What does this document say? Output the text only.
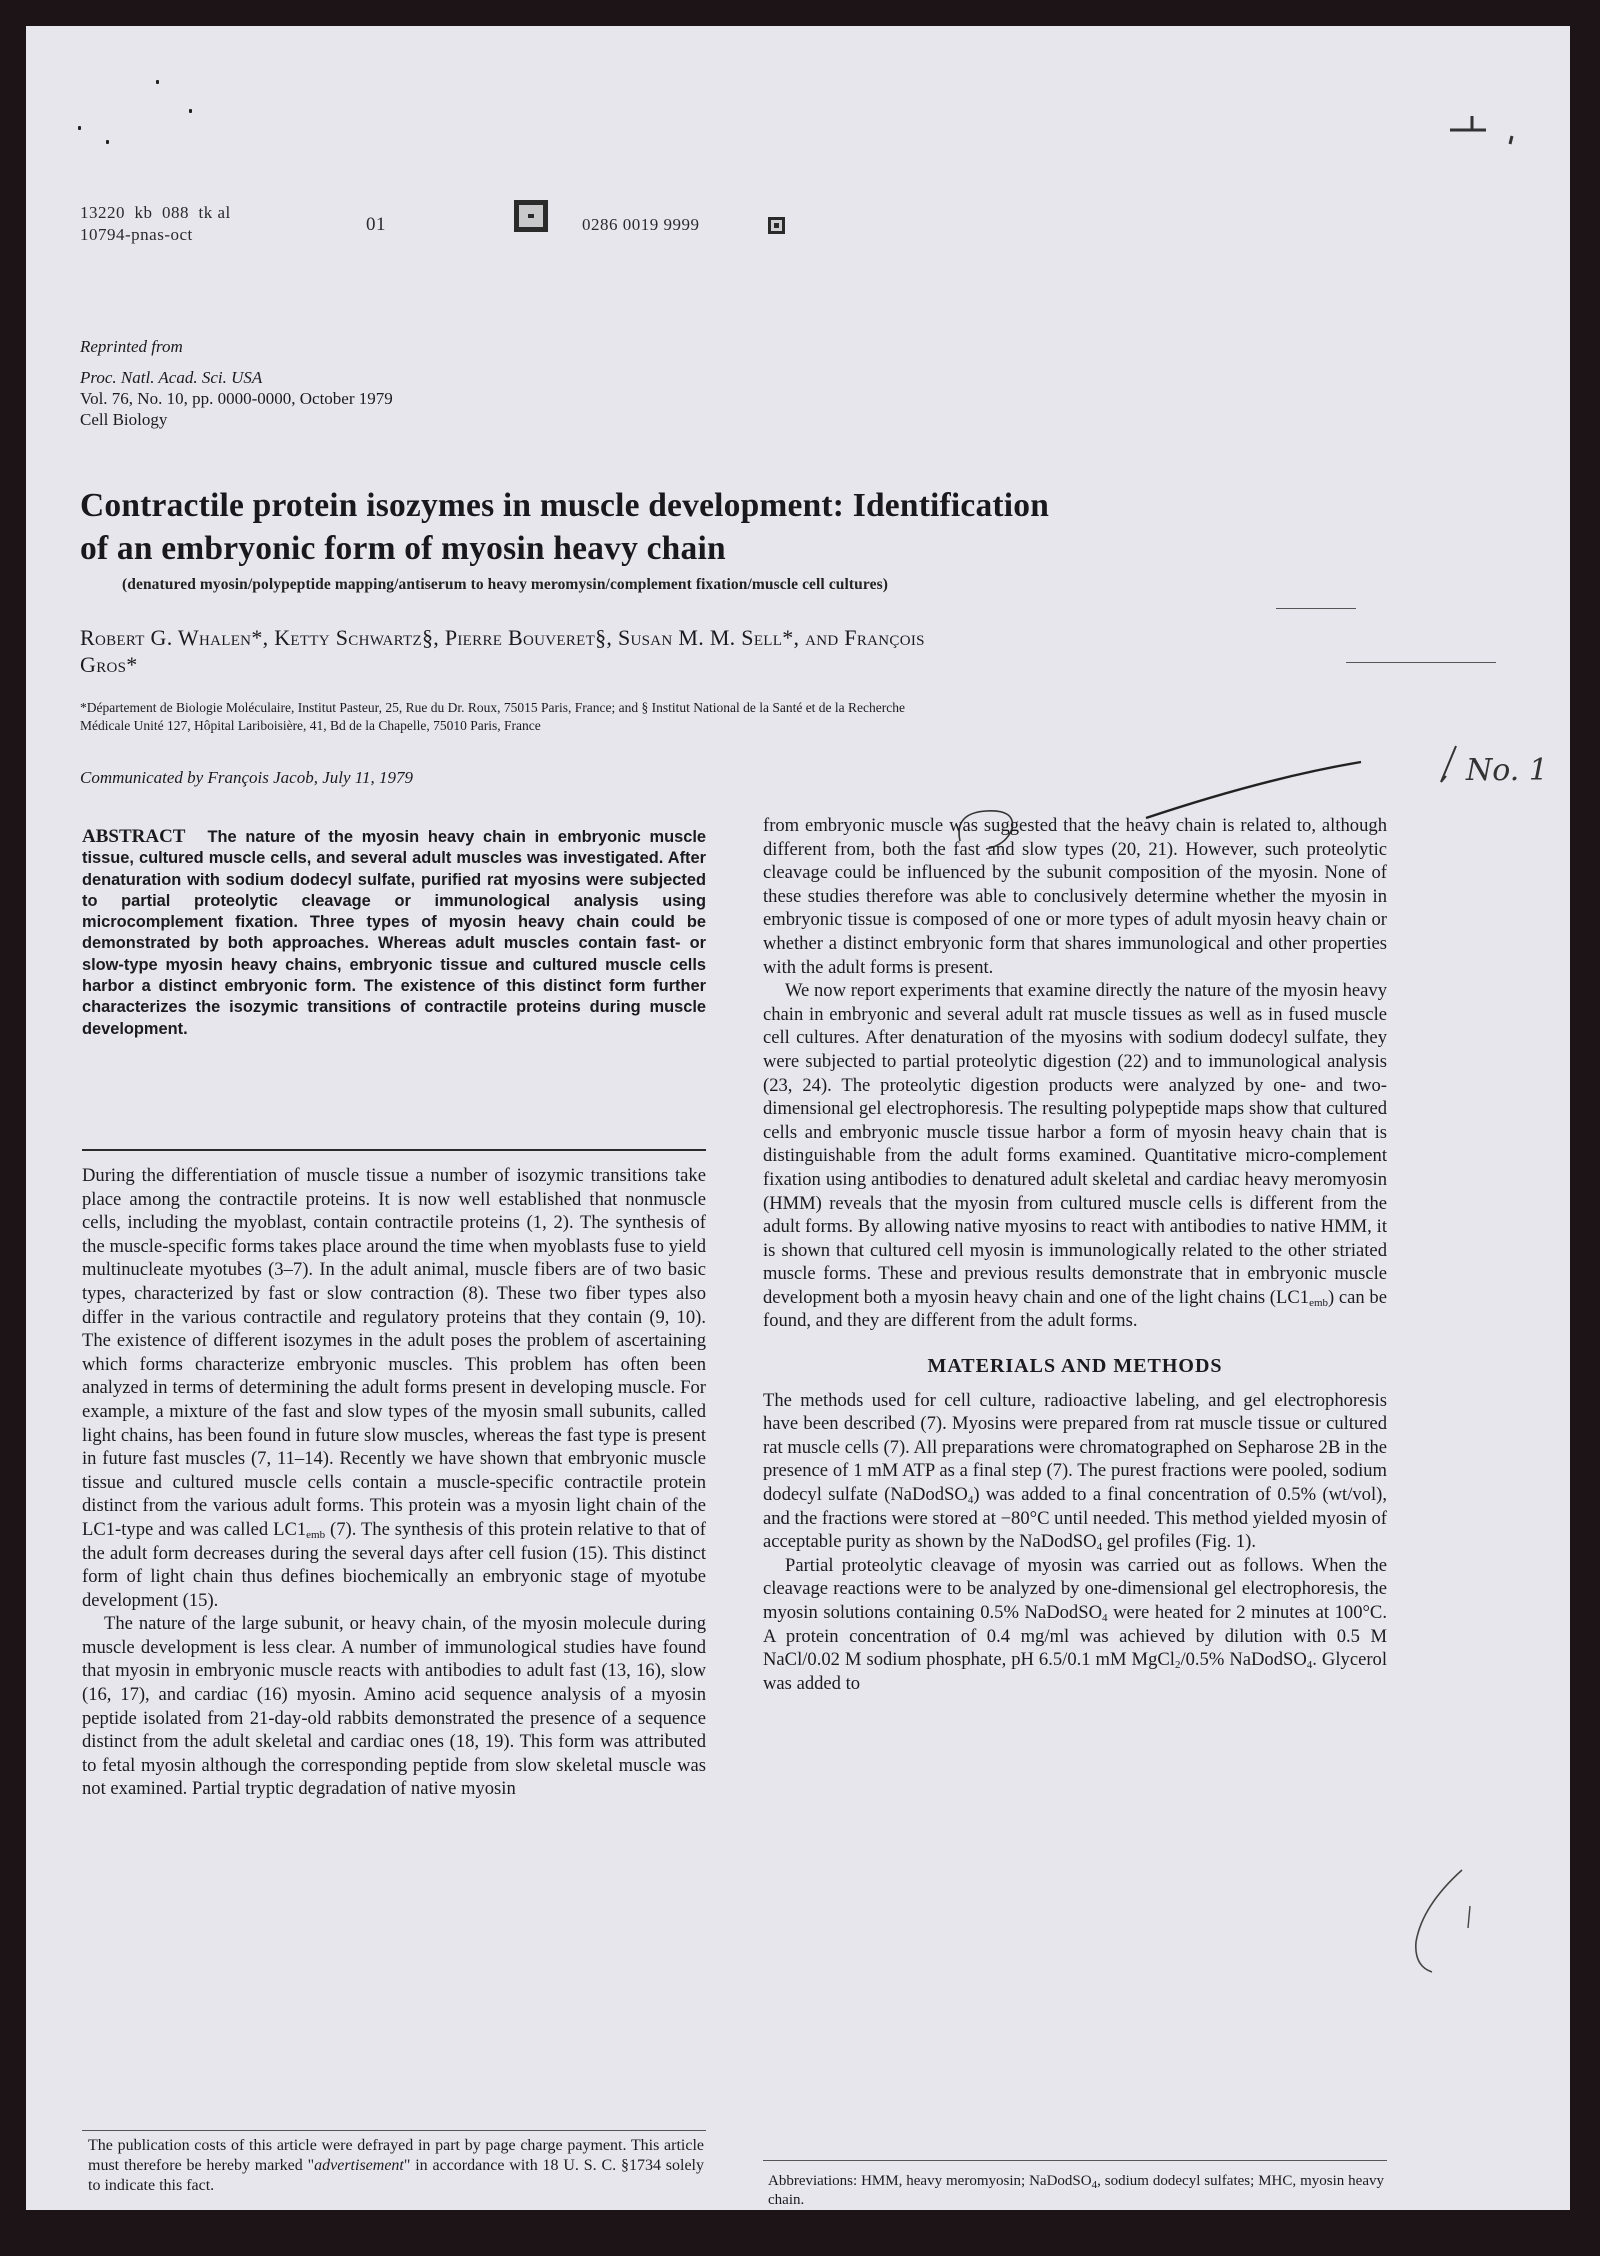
13220  kb  088  tk al
10794-pnas-oct	01	0286 0019 9999
Reprinted from
Proc. Natl. Acad. Sci. USA
Vol. 76, No. 10, pp. 0000-0000, October 1979
Cell Biology
Contractile protein isozymes in muscle development: Identification
of an embryonic form of myosin heavy chain
(denatured myosin/polypeptide mapping/antiserum to heavy meromysin/complement fixation/muscle cell cultures)
Robert G. Whalen*, Ketty Schwartz§, Pierre Bouveret§, Susan M. M. Sell*, and François
Gros*
*Département de Biologie Moléculaire, Institut Pasteur, 25, Rue du Dr. Roux, 75015 Paris, France; and § Institut National de la Santé et de la Recherche
Médicale Unité 127, Hôpital Lariboisière, 41, Bd de la Chapelle, 75010 Paris, France
Communicated by François Jacob, July 11, 1979	No. 1

ABSTRACT The nature of the myosin heavy chain in embryonic muscle tissue, cultured muscle cells, and several adult muscles was investigated. After denaturation with sodium dodecyl sulfate, purified rat myosins were subjected to partial proteolytic cleavage or immunological analysis using microcomplement fixation. Three types of myosin heavy chain could be demonstrated by both approaches. Whereas adult muscles contain fast- or slow-type myosin heavy chains, embryonic tissue and cultured muscle cells harbor a distinct embryonic form. The existence of this distinct form further characterizes the isozymic transitions of contractile proteins during muscle development.

During the differentiation of muscle tissue a number of isozymic transitions take place among the contractile proteins. It is now well established that nonmuscle cells, including the myoblast, contain contractile proteins (1, 2). The synthesis of the muscle-specific forms takes place around the time when myoblasts fuse to yield multinucleate myotubes (3–7). In the adult animal, muscle fibers are of two basic types, characterized by fast or slow contraction (8). These two fiber types also differ in the various contractile and regulatory proteins that they contain (9, 10). The existence of different isozymes in the adult poses the problem of ascertaining which forms characterize embryonic muscles. This problem has often been analyzed in terms of determining the adult forms present in developing muscle. For example, a mixture of the fast and slow types of the myosin small subunits, called light chains, has been found in future slow muscles, whereas the fast type is present in future fast muscles (7, 11–14). Recently we have shown that embryonic muscle tissue and cultured muscle cells contain a muscle-specific contractile protein distinct from the various adult forms. This protein was a myosin light chain of the LC1-type and was called $LC1_{emb}$ (7). The synthesis of this protein relative to that of the adult form decreases during the several days after cell fusion (15). This distinct form of light chain thus defines biochemically an embryonic stage of myotube development (15).

The nature of the large subunit, or heavy chain, of the myosin molecule during muscle development is less clear. A number of immunological studies have found that myosin in embryonic muscle reacts with antibodies to adult fast (13, 16), slow (16, 17), and cardiac (16) myosin. Amino acid sequence analysis of a myosin peptide isolated from 21-day-old rabbits demonstrated the presence of a sequence distinct from the adult skeletal and cardiac ones (18, 19). This form was attributed to fetal myosin although the corresponding peptide from slow skeletal muscle was not examined. Partial tryptic degradation of native myosin

The publication costs of this article were defrayed in part by page charge payment. This article must therefore be hereby marked "advertisement" in accordance with 18 U. S. C. §1734 solely to indicate this fact.

from embryonic muscle was suggested that the heavy chain is related to, although different from, both the fast and slow types (20, 21). However, such proteolytic cleavage could be influenced by the subunit composition of the myosin. None of these studies therefore was able to conclusively determine whether the myosin in embryonic tissue is composed of one or more types of adult myosin heavy chain or whether a distinct embryonic form that shares immunological and other properties with the adult forms is present.

We now report experiments that examine directly the nature of the myosin heavy chain in embryonic and several adult rat muscle tissues as well as in fused muscle cell cultures. After denaturation of the myosins with sodium dodecyl sulfate, they were subjected to partial proteolytic digestion (22) and to immunological analysis (23, 24). The proteolytic digestion products were analyzed by one- and two-dimensional gel electrophoresis. The resulting polypeptide maps show that cultured cells and embryonic muscle tissue harbor a form of myosin heavy chain that is distinguishable from the adult forms examined. Quantitative micro-complement fixation using antibodies to denatured adult skeletal and cardiac heavy meromyosin (HMM) reveals that the myosin from cultured muscle cells is different from the adult forms. By allowing native myosins to react with antibodies to native HMM, it is shown that cultured cell myosin is immunologically related to the other striated muscle forms. These and previous results demonstrate that in embryonic muscle development both a myosin heavy chain and one of the light chains $(LC1_{emb})$ can be found, and they are different from the adult forms.

MATERIALS AND METHODS

The methods used for cell culture, radioactive labeling, and gel electrophoresis have been described (7). Myosins were prepared from rat muscle tissue or cultured rat muscle cells (7). All preparations were chromatographed on Sepharose 2B in the presence of 1 mM ATP as a final step (7). The purest fractions were pooled, sodium dodecyl sulfate (NaDodSO$_4$) was added to a final concentration of 0.5% (wt/vol), and the fractions were stored at −80°C until needed. This method yielded myosin of acceptable purity as shown by the NaDodSO$_4$ gel profiles (Fig. 1).

Partial proteolytic cleavage of myosin was carried out as follows. When the cleavage reactions were to be analyzed by one-dimensional gel electrophoresis, the myosin solutions containing 0.5% NaDodSO$_4$ were heated for 2 minutes at 100°C. A protein concentration of 0.4 mg/ml was achieved by dilution with 0.5 M NaCl/0.02 M sodium phosphate, pH 6.5/0.1 mM MgCl$_2$/0.5% NaDodSO$_4$. Glycerol was added to

Abbreviations: HMM, heavy meromyosin; NaDodSO$_4$, sodium dodecyl sulfates; MHC, myosin heavy chain.
